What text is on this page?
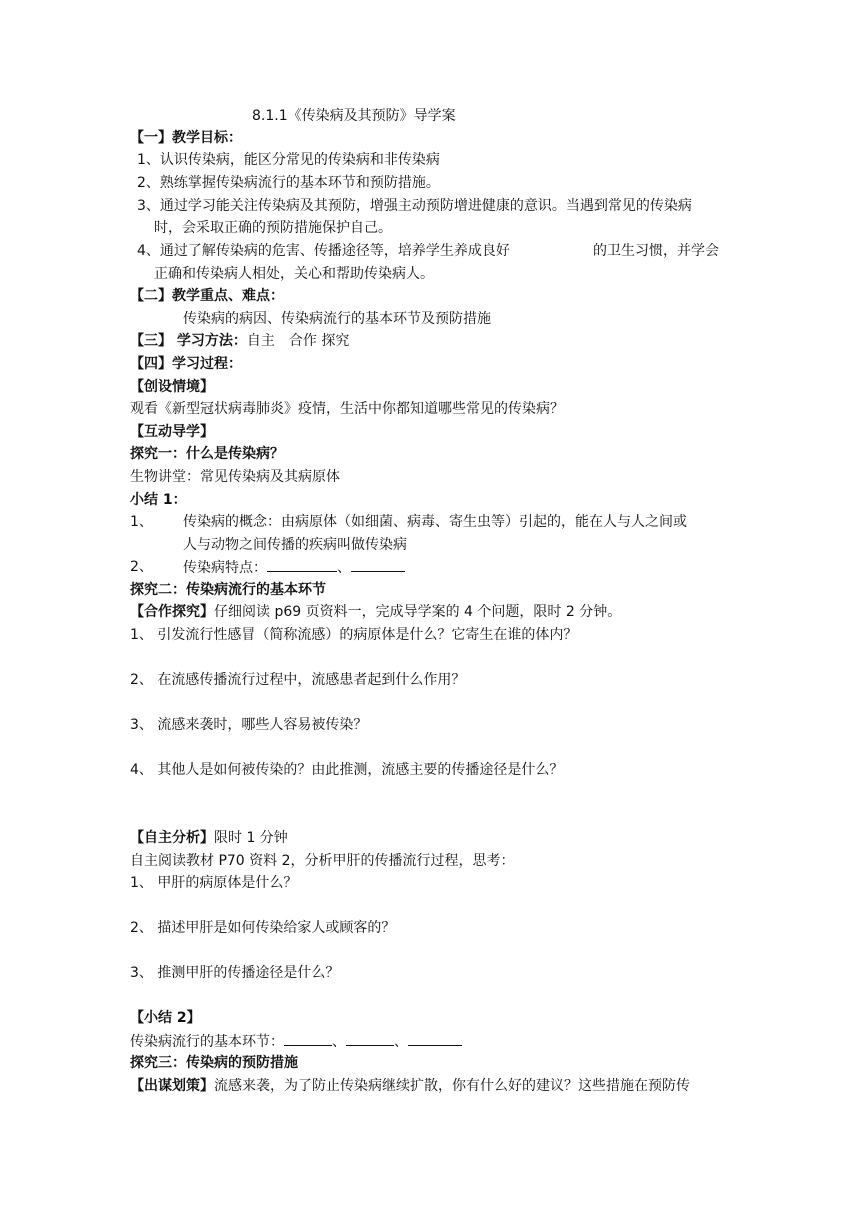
8.1.1《传染病及其预防》导学案
【一】教学目标：
1、认识传染病，能区分常见的传染病和非传染病
2、熟练掌握传染病流行的基本环节和预防措施。
3、通过学习能关注传染病及其预防，增强主动预防增进健康的意识。当遇到常见的传染病
时，会采取正确的预防措施保护自己。
4、通过了解传染病的危害、传播途径等，培养学生养成良好	的卫生习惯，并学会
正确和传染病人相处，关心和帮助传染病人。
【二】教学重点、难点：
传染病的病因、传染病流行的基本环节及预防措施
【三】 学习方法：自主　合作 探究
【四】学习过程：
【创设情境】
观看《新型冠状病毒肺炎》疫情，生活中你都知道哪些常见的传染病？
【互动导学】
探究一：什么是传染病？
生物讲堂：常见传染病及其病原体
小结 1：
1、 传染病的概念：由病原体（如细菌、病毒、寄生虫等）引起的，能在人与人之间或
人与动物之间传播的疾病叫做传染病
2、 传染病特点：	、
探究二：传染病流行的基本环节
【合作探究】仔细阅读 p69 页资料一，完成导学案的 4 个问题，限时 2 分钟。
1、 引发流行性感冒（简称流感）的病原体是什么？它寄生在谁的体内？
2、 在流感传播流行过程中，流感患者起到什么作用？
3、 流感来袭时，哪些人容易被传染？
4、 其他人是如何被传染的？由此推测，流感主要的传播途径是什么？
【自主分析】限时 1 分钟
自主阅读教材 P70 资料 2，分析甲肝的传播流行过程，思考：
1、 甲肝的病原体是什么？
2、 描述甲肝是如何传染给家人或顾客的？
3、 推测甲肝的传播途径是什么？
【小结 2】
传染病流行的基本环节：	、	、
探究三：传染病的预防措施
【出谋划策】流感来袭，为了防止传染病继续扩散，你有什么好的建议？这些措施在预防传
